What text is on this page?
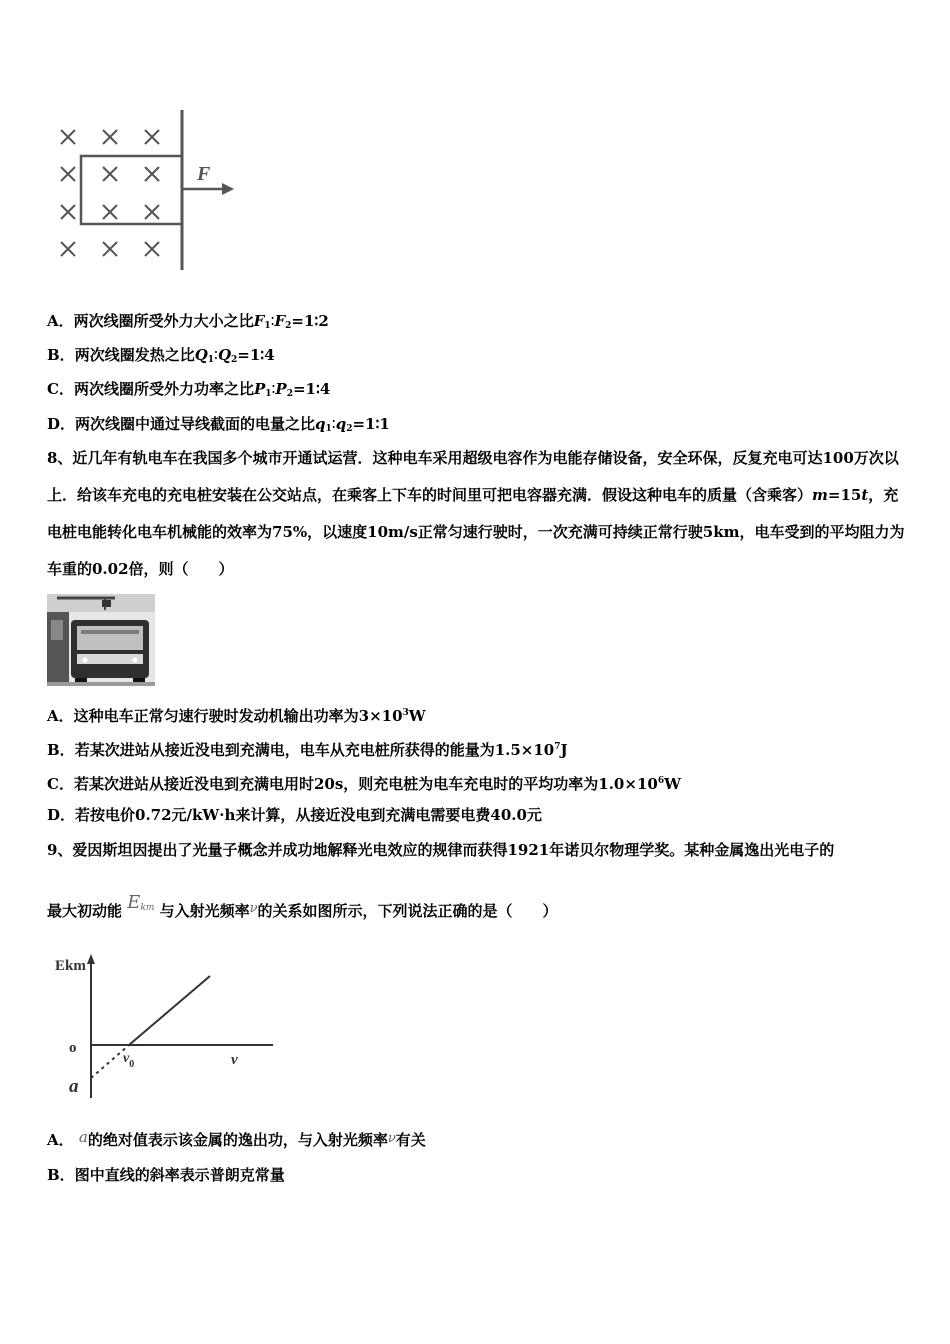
F
A．两次线圈所受外力大小之比$F_1∶F_2=1∶2$
B．两次线圈发热之比$Q_1∶Q_2=1∶4$
C．两次线圈所受外力功率之比$P_1∶P_2=1∶4$
D．两次线圈中通过导线截面的电量之比$q_1∶q_2=1∶1$
8、近几年有轨电车在我国多个城市开通试运营．这种电车采用超级电容作为电能存储设备，安全环保，反复充电可达100万次以上．给该车充电的充电桩安装在公交站点，在乘客上下车的时间里可把电容器充满．假设这种电车的质量（含乘客）m=15t，充电桩电能转化电车机械能的效率为75%，以速度10m/s正常匀速行驶时，一次充满可持续正常行驶5km，电车受到的平均阻力为车重的0.02倍，则（　　）
A．这种电车正常匀速行驶时发动机输出功率为$3\times 10^3W$
B．若某次进站从接近没电到充满电，电车从充电桩所获得的能量为$1.5\times 10^7J$
C．若某次进站从接近没电到充满电用时20s，则充电桩为电车充电时的平均功率为$1.0\times 10^6W$
D．若按电价0.72元/kW·h来计算，从接近没电到充满电需要电费40.0元
9、爱因斯坦因提出了光量子概念并成功地解释光电效应的规律而获得1921年诺贝尔物理学奖。某种金属逸出光电子的
最大初动能 $E_{km}$ 与入射光频率ν的关系如图所示，下列说法正确的是（　　）
Ekm
o
ν
$\nu_0$
a
A． a的绝对值表示该金属的逸出功，与入射光频率ν有关
B．图中直线的斜率表示普朗克常量
